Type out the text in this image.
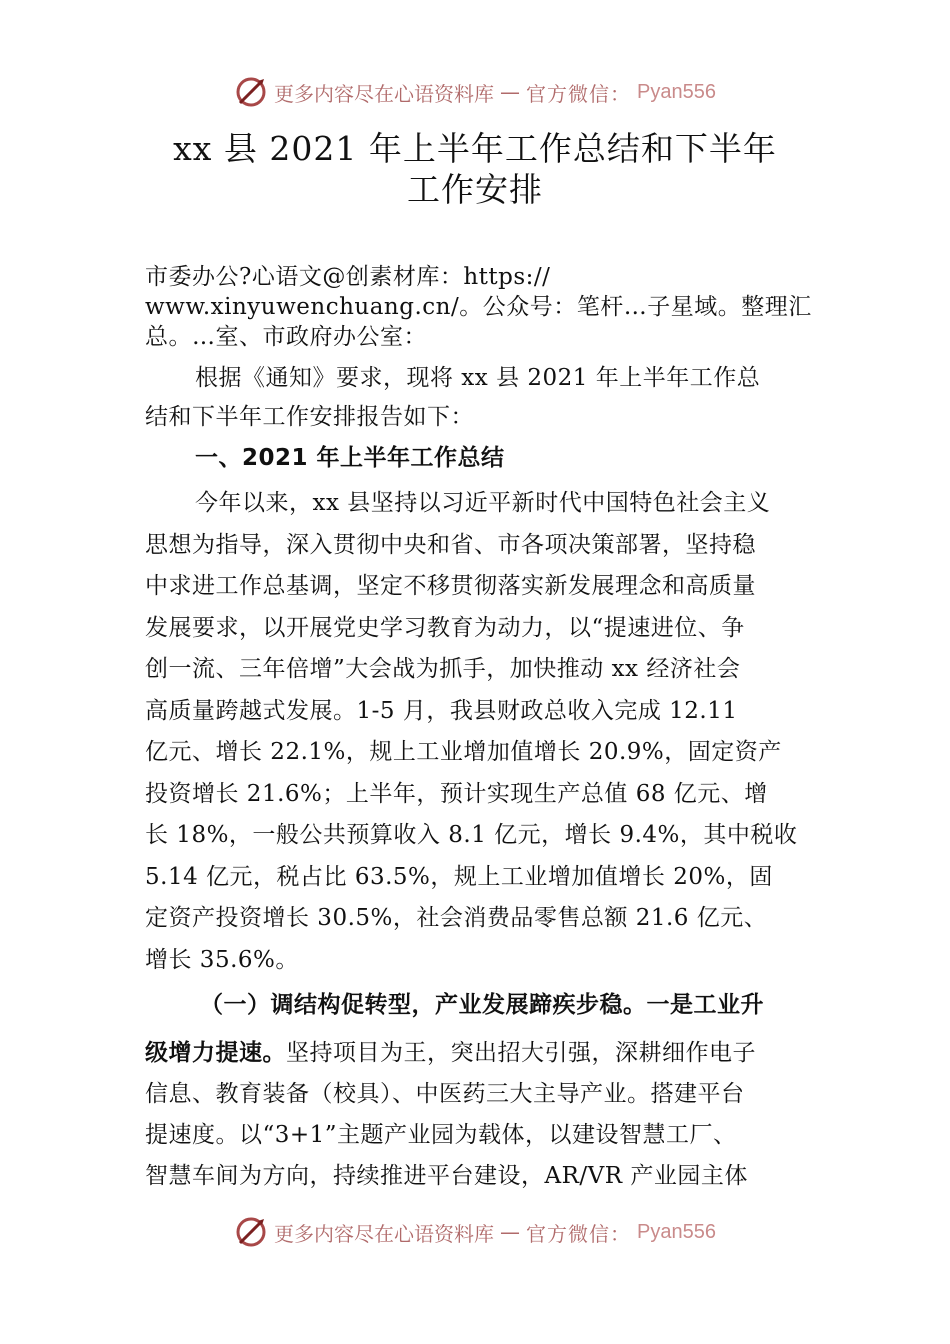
更多内容尽在心语资料库 — 官方微信： Pyan556
xx 县 2021 年上半年工作总结和下半年
工作安排
市委办公?心语文@创素材库：https://
www.xinyuwenchuang.cn/。公众号：笔杆…子星域。整理汇
总。…室、市政府办公室：
根据《通知》要求，现将 xx 县 2021 年上半年工作总
结和下半年工作安排报告如下：
一、2021 年上半年工作总结
今年以来，xx 县坚持以习近平新时代中国特色社会主义
思想为指导，深入贯彻中央和省、市各项决策部署，坚持稳
中求进工作总基调，坚定不移贯彻落实新发展理念和高质量
发展要求，以开展党史学习教育为动力，以“提速进位、争
创一流、三年倍增”大会战为抓手，加快推动 xx 经济社会
高质量跨越式发展。1-5 月，我县财政总收入完成 12.11
亿元、增长 22.1%，规上工业增加值增长 20.9%，固定资产
投资增长 21.6%；上半年，预计实现生产总值 68 亿元、增
长 18%，一般公共预算收入 8.1 亿元，增长 9.4%，其中税收
5.14 亿元，税占比 63.5%，规上工业增加值增长 20%，固
定资产投资增长 30.5%，社会消费品零售总额 21.6 亿元、
增长 35.6%。
（一）调结构促转型，产业发展蹄疾步稳。一是工业升
级增力提速。坚持项目为王，突出招大引强，深耕细作电子
信息、教育装备（校具）、中医药三大主导产业。搭建平台
提速度。以“3+1”主题产业园为载体，以建设智慧工厂、
智慧车间为方向，持续推进平台建设，AR/VR 产业园主体
更多内容尽在心语资料库 — 官方微信： Pyan556
